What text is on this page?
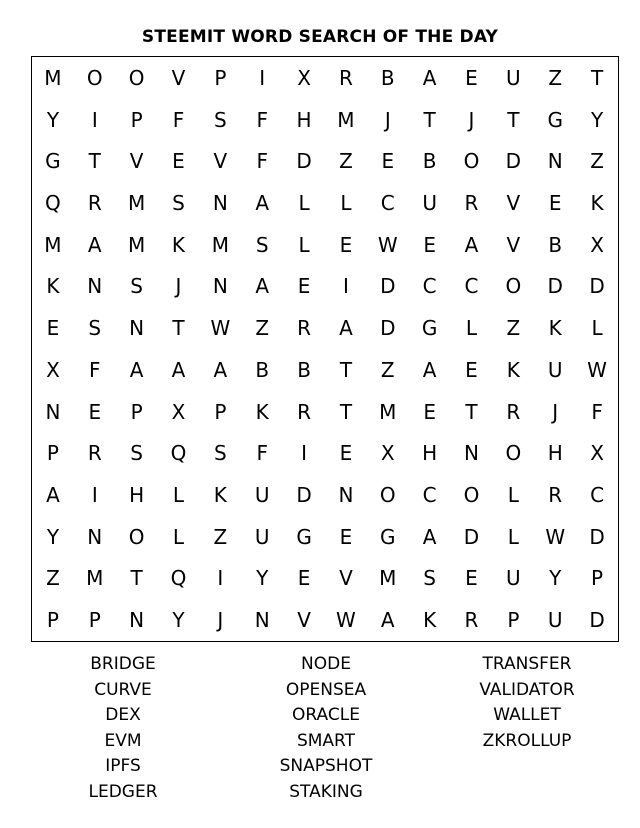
STEEMIT WORD SEARCH OF THE DAY
M	O	O	V	P	I	X	R	B	A	E	U	Z	T
Y	I	P	F	S	F	H	M	J	T	J	T	G	Y
G	T	V	E	V	F	D	Z	E	B	O	D	N	Z
Q	R	M	S	N	A	L	L	C	U	R	V	E	K
M	A	M	K	M	S	L	E	W	E	A	V	B	X
K	N	S	J	N	A	E	I	D	C	C	O	D	D
E	S	N	T	W	Z	R	A	D	G	L	Z	K	L
X	F	A	A	A	B	B	T	Z	A	E	K	U	W
N	E	P	X	P	K	R	T	M	E	T	R	J	F
P	R	S	Q	S	F	I	E	X	H	N	O	H	X
A	I	H	L	K	U	D	N	O	C	O	L	R	C
Y	N	O	L	Z	U	G	E	G	A	D	L	W	D
Z	M	T	Q	I	Y	E	V	M	S	E	U	Y	P
P	P	N	Y	J	N	V	W	A	K	R	P	U	D
BRIDGE
CURVE
DEX
EVM
IPFS
LEDGER
NODE
OPENSEA
ORACLE
SMART
SNAPSHOT
STAKING
TRANSFER
VALIDATOR
WALLET
ZKROLLUP
